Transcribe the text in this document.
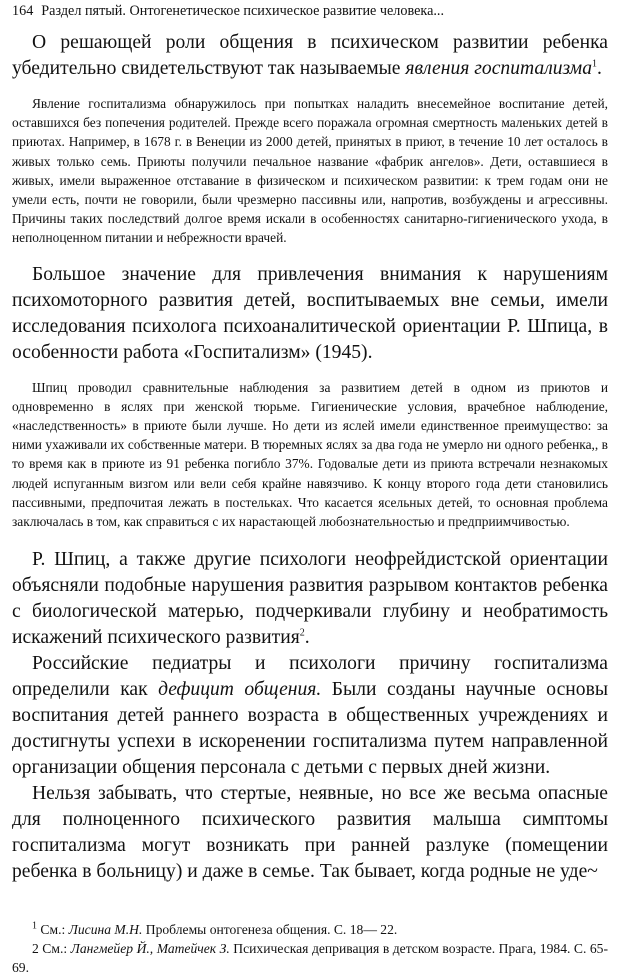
164 Раздел пятый. Онтогенетическое психическое развитие человека...

О решающей роли общения в психическом развитии ребенка убедительно свидетельствуют так называемые явления госпитализма$^1$.

Явление госпитализма обнаружилось при попытках наладить внесемейное воспитание детей, оставшихся без попечения родителей. Прежде всего поражала огромная смертность маленьких детей в приютах. Например, в 1678 г. в Венеции из 2000 детей, принятых в приют, в течение 10 лет осталось в живых только семь. Приюты получили печальное название «фабрик ангелов». Дети, оставшиеся в живых, имели выраженное отставание в физическом и психическом развитии: к трем годам они не умели есть, почти не говорили, были чрезмерно пассивны или, напротив, возбуждены и агрессивны. Причины таких последствий долгое время искали в особенностях санитарно-гигиенического ухода, в неполноценном питании и небрежности врачей.

Большое значение для привлечения внимания к нарушениям психомоторного развития детей, воспитываемых вне семьи, имели исследования психолога психоаналитической ориентации Р. Шпица, в особенности работа «Госпитализм» (1945).

Шпиц проводил сравнительные наблюдения за развитием детей в одном из приютов и одновременно в яслях при женской тюрьме. Гигиенические условия, врачебное наблюдение, «наследственность» в приюте были лучше. Но дети из яслей имели единственное преимущество: за ними ухаживали их собственные матери. В тюремных яслях за два года не умерло ни одного ребенка,, в то время как в приюте из 91 ребенка погибло 37%. Годовалые дети из приюта встречали незнакомых людей испуганным визгом или вели себя крайне навязчиво. К концу второго года дети становились пассивными, предпочитая лежать в постельках. Что касается ясельных детей, то основная проблема заключалась в том, как справиться с их нарастающей любознательностью и предприимчивостью.

Р. Шпиц, а также другие психологи неофрейдистской ориентации объясняли подобные нарушения развития разрывом контактов ребенка с биологической матерью, подчеркивали глубину и необратимость искажений психического развития$^2$.

Российские педиатры и психологи причину госпитализма определили как дефицит общения. Были созданы научные основы воспитания детей раннего возраста в общественных учреждениях и достигнуты успехи в искоренении госпитализма путем направленной организации общения персонала с детьми с первых дней жизни.

Нельзя забывать, что стертые, неявные, но все же весьма опасные для полноценного психического развития малыша симптомы госпитализма могут возникать при ранней разлуке (помещении ребенка в больницу) и даже в семье. Так бывает, когда родные не уде~

$^1$ См.: Лисина М.Н. Проблемы онтогенеза общения. С. 18— 22.

2 См.: Лангмейер Й., Матейчек З. Психическая депривация в детском возрасте. Прага, 1984. С. 65-69.
